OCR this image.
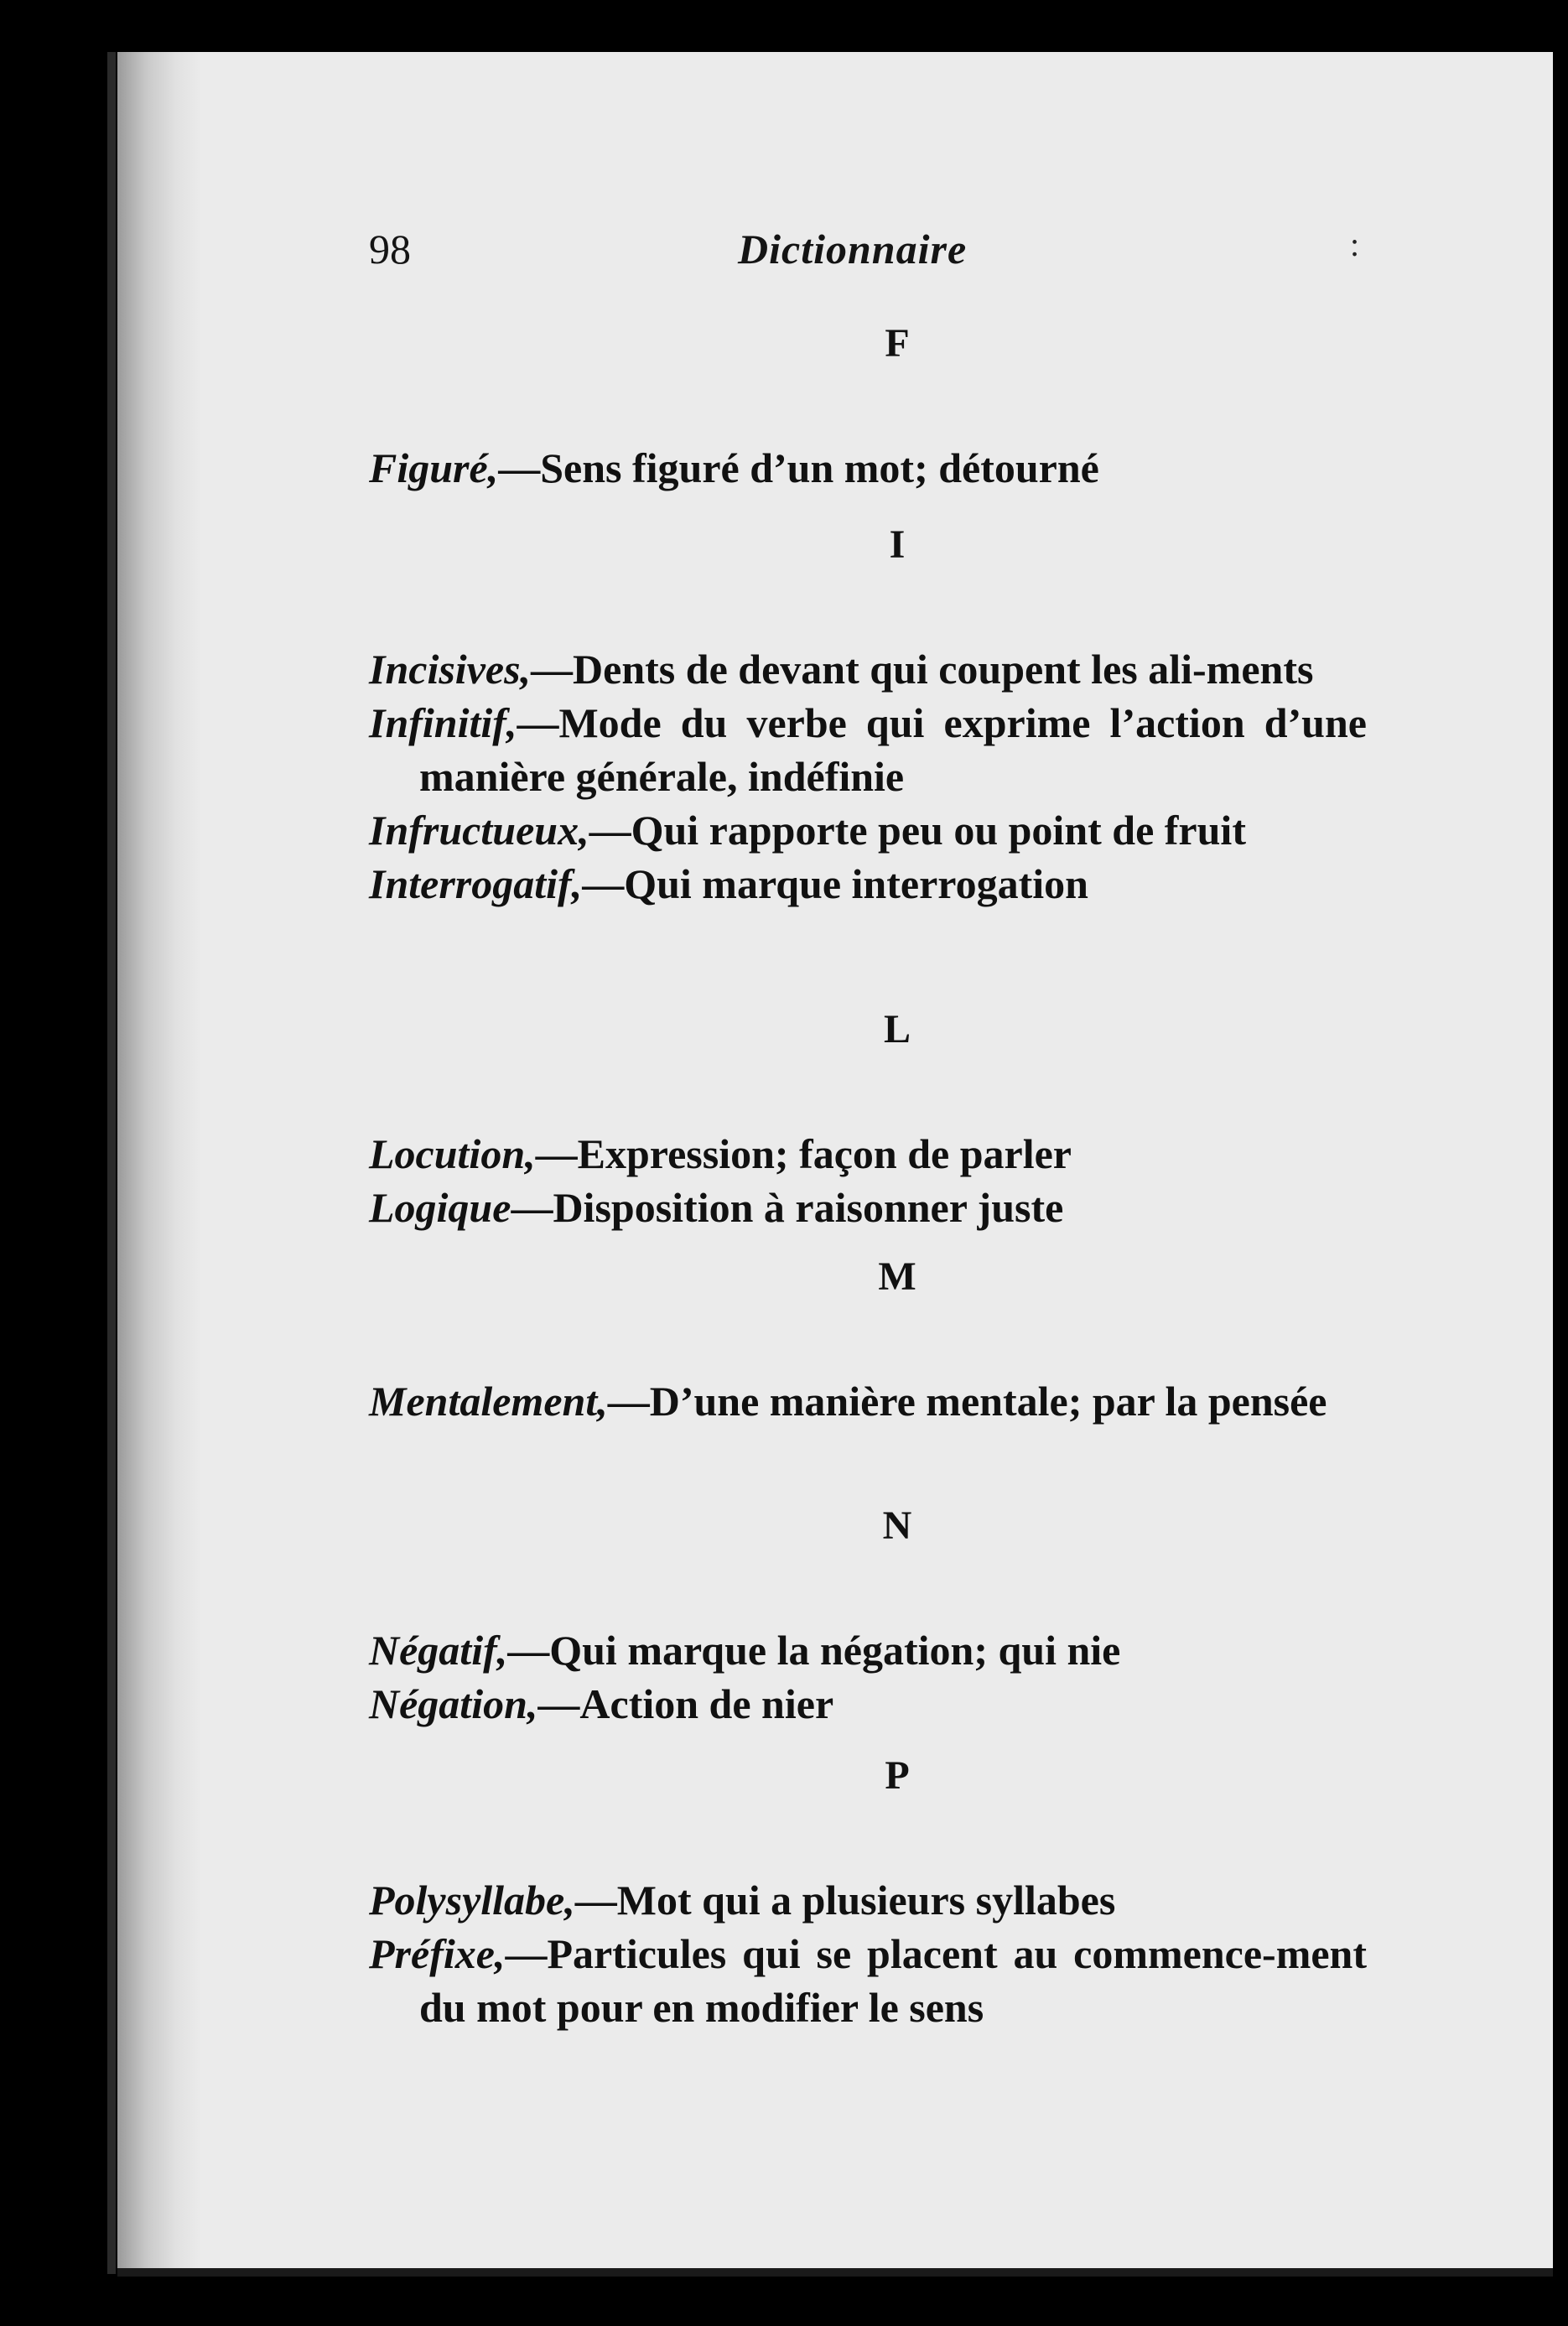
98	Dictionnaire	:

F

Figuré,—Sens figuré d’un mot; détourné

I

Incisives,—Dents de devant qui coupent les ali-ments
Infinitif,—Mode du verbe qui exprime l’action d’une manière générale, indéfinie
Infructueux,—Qui rapporte peu ou point de fruit
Interrogatif,—Qui marque interrogation

L

Locution,—Expression; façon de parler
Logique—Disposition à raisonner juste

M

Mentalement,—D’une manière mentale; par la pensée

N

Négatif,—Qui marque la négation; qui nie
Négation,—Action de nier

P

Polysyllabe,—Mot qui a plusieurs syllabes
Préfixe,—Particules qui se placent au commence-ment du mot pour en modifier le sens
